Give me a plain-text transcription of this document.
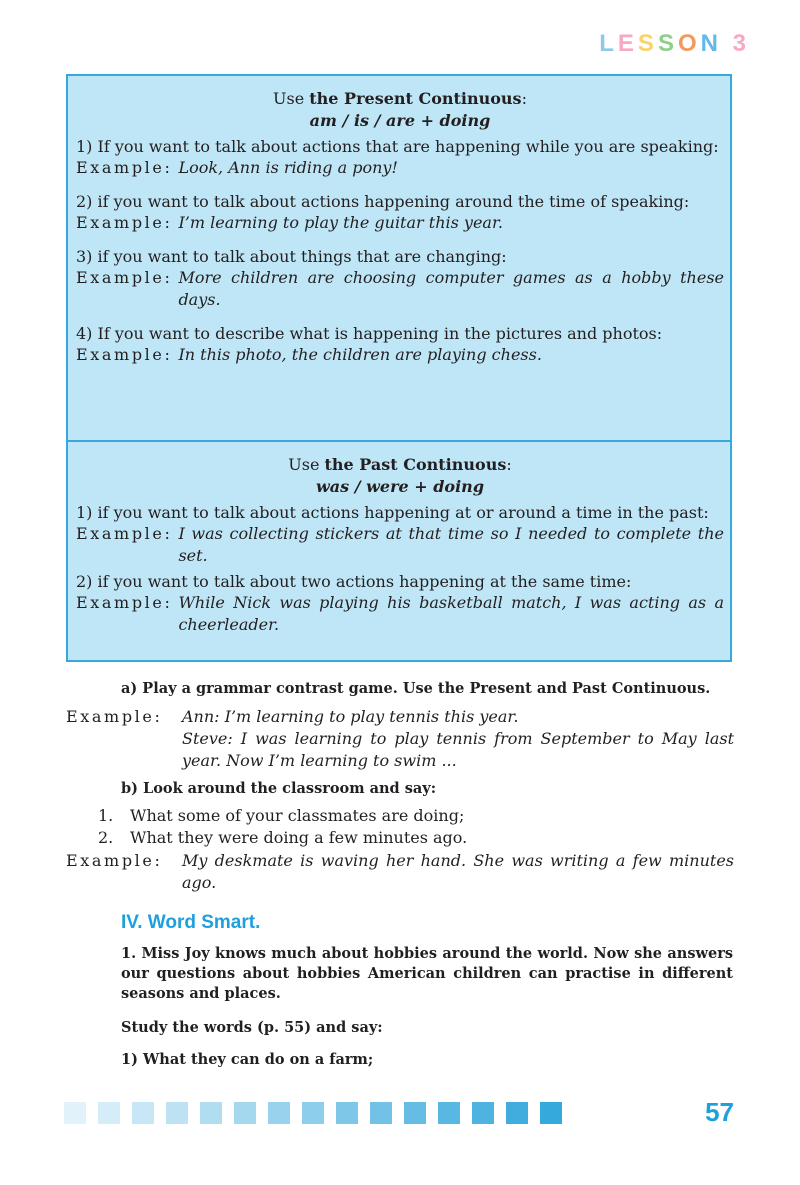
LESSON 3
Use the Present Continuous:
am / is / are + doing
1) If you want to talk about actions that are happening while you are speaking:
Example: Look, Ann is riding a pony!
2) if you want to talk about actions happening around the time of speaking:
Example: I’m learning to play the guitar this year.
3) if you want to talk about things that are changing:
Example: More children are choosing computer games as a hobby these days.
4) If you want to describe what is happening in the pictures and photos:
Example: In this photo, the children are playing chess.
Use the Past Continuous:
was / were + doing
1) if you want to talk about actions happening at or around a time in the past:
Example: I was collecting stickers at that time so I needed to complete the set.
2) if you want to talk about two actions happening at the same time:
Example: While Nick was playing his basketball match, I was acting as a cheerleader.
a) Play a grammar contrast game. Use the Present and Past Continuous.
Example:	Ann: I’m learning to play tennis this year.
Steve: I was learning to play tennis from September to May last year. Now I’m learning to swim ...
b) Look around the classroom and say:
1.	What some of your classmates are doing;
2.	What they were doing a few minutes ago.
Example:	My deskmate is waving her hand. She was writing a few minutes ago.
IV. Word Smart.
1. Miss Joy knows much about hobbies around the world. Now she answers our questions about hobbies American children can practise in different seasons and places.
Study the words (p. 55) and say:
1) What they can do on a farm;
57
